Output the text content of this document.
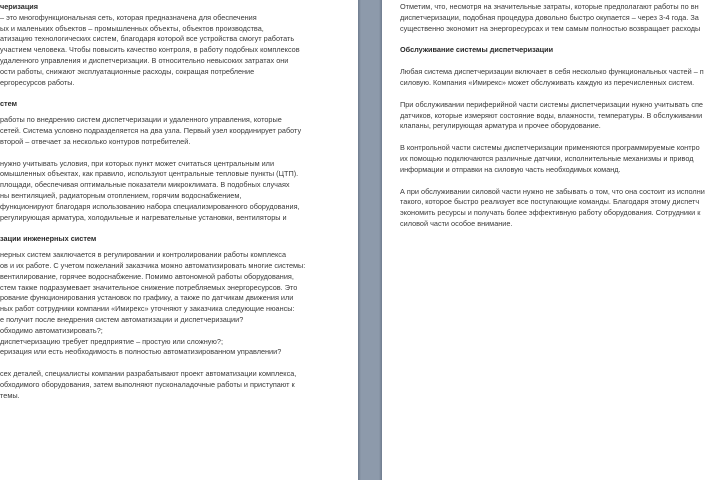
черизация
– это многофункциональная сеть, которая предназначена для обеспечения
ых и маленьких объектов – промышленных объекты, объектов производства,
атизацию технологических систем, благодаря которой все устройства смогут работать
участием человека. Чтобы повысить качество контроля, в работу подобных комплексов
удаленного управления и диспетчеризации. В относительно невысоких затратах они
ости работы, снижают эксплуатационные расходы, сокращая потребление
ергоресурсов работы.
стем
работы по внедрению систем диспетчеризации и удаленного управления, которые
сетей. Система условно подразделяется на два узла. Первый узел координирует работу
второй – отвечает за несколько контуров потребителей.
нужно учитывать условия, при которых пункт может считаться центральным или
омышленных объектах, как правило, используют центральные тепловые пункты (ЦТП).
площади, обеспечивая оптимальные показатели микроклимата. В подобных случаях
ны вентиляцией, радиаторным отоплением, горячим водоснабжением,
функционируют благодаря использованию набора специализированного оборудования,
регулирующая арматура, холодильные и нагревательные установки, вентиляторы и
зации инженерных систем
нерных систем заключается в регулировании и контролировании работы комплекса
ов и их работе. С учетом пожеланий заказчика можно автоматизировать многие системы:
вентилирование, горячее водоснабжение. Помимо автономной работы оборудования,
стем также подразумевает значительное снижение потребляемых энергоресурсов. Это
рование функционирования установок по графику, а также по датчикам движения или
ных работ сотрудники компании «Имирекс» уточняют у заказчика следующие нюансы:
е получит после внедрения систем автоматизации и диспетчеризации?
обходимо автоматизировать?;
диспетчеризацию требует предприятие – простую или сложную?;
еризация или есть необходимость в полностью автоматизированном управлении?
сех деталей, специалисты компании разрабатывают проект автоматизации комплекса,
обходимого оборудования, затем выполняют пусконаладочные работы и приступают к
темы.
Отметим, что, несмотря на значительные затраты, которые предполагают работы по вн
диспетчеризации, подобная процедура довольно быстро окупается – через 3-4 года. За
существенно экономит на энергоресурсах и тем самым полностью возвращает расходы
Обслуживание системы диспетчеризации
Любая система диспетчеризации включает в себя несколько функциональных частей – п
силовую. Компания «Имирекс» может обслуживать каждую из перечисленных систем.
При обслуживании периферийной части системы диспетчеризации нужно учитывать спе
датчиков, которые измеряют состояние воды, влажности, температуры. В обслуживании
клапаны, регулирующая арматура и прочее оборудование.
В контрольной части системы диспетчеризации применяются программируемые контро
их помощью подключаются различные датчики, исполнительные механизмы и привод
информации и отправки на силовую часть необходимых команд.
А при обслуживании силовой части нужно не забывать о том, что она состоит из исполни
такого, которое быстро реализует все поступающие команды. Благодаря этому диспетч
экономить ресурсы и получать более эффективную работу оборудования. Сотрудники к
силовой части особое внимание.
